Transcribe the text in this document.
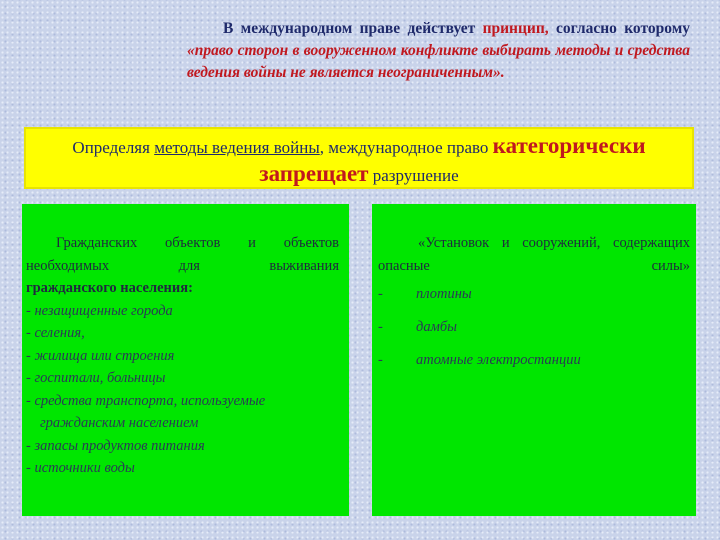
В международном праве действует принцип, согласно которому «право сторон в вооруженном конфликте выбирать методы и средства ведения войны не является неограниченным».
Определяя методы ведения войны, международное право категорически
запрещает разрушение
Гражданских объектов и объектов необходимых для выживания
гражданского населения:
- незащищенные города
- селения,
- жилища или строения
- госпитали, больницы
- средства транспорта, используемые
гражданским населением
- запасы продуктов питания
- источники воды
«Установок и сооружений, содержащих опасные силы»
- плотины
- дамбы
- атомные электростанции
